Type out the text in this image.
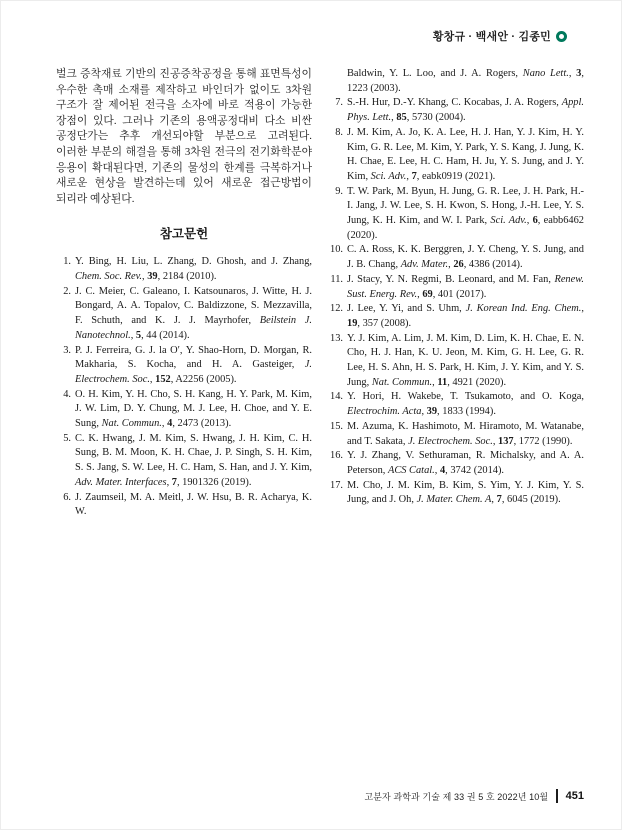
황창규 · 백새안 · 김종민

벌크 증착재료 기반의 진공증착공정을 통해 표면특성이 우수한 촉매 소재를 제작하고 바인더가 없이도 3차원 구조가 잘 제어된 전극을 소자에 바로 적용이 가능한 장점이 있다. 그러나 기존의 용액공정대비 다소 비싼 공정단가는 추후 개선되야할 부분으로 고려된다. 이러한 부분의 해결을 통해 3차원 전극의 전기화학분야 응용이 확대된다면, 기존의 물성의 한계를 극복하거나 새로운 현상을 발견하는데 있어 새로운 접근방법이 되리라 예상된다.

참고문헌
1. Y. Bing, H. Liu, L. Zhang, D. Ghosh, and J. Zhang, Chem. Soc. Rev., 39, 2184 (2010).
2. J. C. Meier, C. Galeano, I. Katsounaros, J. Witte, H. J. Bongard, A. A. Topalov, C. Baldizzone, S. Mezzavilla, F. Schuth, and K. J. J. Mayrhofer, Beilstein J. Nanotechnol., 5, 44 (2014).
3. P. J. Ferreira, G. J. la O′, Y. Shao-Horn, D. Morgan, R. Makharia, S. Kocha, and H. A. Gasteiger, J. Electrochem. Soc., 152, A2256 (2005).
4. O. H. Kim, Y. H. Cho, S. H. Kang, H. Y. Park, M. Kim, J. W. Lim, D. Y. Chung, M. J. Lee, H. Choe, and Y. E. Sung, Nat. Commun., 4, 2473 (2013).
5. C. K. Hwang, J. M. Kim, S. Hwang, J. H. Kim, C. H. Sung, B. M. Moon, K. H. Chae, J. P. Singh, S. H. Kim, S. S. Jang, S. W. Lee, H. C. Ham, S. Han, and J. Y. Kim, Adv. Mater. Interfaces, 7, 1901326 (2019).
6. J. Zaumseil, M. A. Meitl, J. W. Hsu, B. R. Acharya, K. W.
Baldwin, Y. L. Loo, and J. A. Rogers, Nano Lett., 3, 1223 (2003).
7. S.-H. Hur, D.-Y. Khang, C. Kocabas, J. A. Rogers, Appl. Phys. Lett., 85, 5730 (2004).
8. J. M. Kim, A. Jo, K. A. Lee, H. J. Han, Y. J. Kim, H. Y. Kim, G. R. Lee, M. Kim, Y. Park, Y. S. Kang, J. Jung, K. H. Chae, E. Lee, H. C. Ham, H. Ju, Y. S. Jung, and J. Y. Kim, Sci. Adv., 7, eabk0919 (2021).
9. T. W. Park, M. Byun, H. Jung, G. R. Lee, J. H. Park, H.-I. Jang, J. W. Lee, S. H. Kwon, S. Hong, J.-H. Lee, Y. S. Jung, K. H. Kim, and W. I. Park, Sci. Adv., 6, eabb6462 (2020).
10. C. A. Ross, K. K. Berggren, J. Y. Cheng, Y. S. Jung, and J. B. Chang, Adv. Mater., 26, 4386 (2014).
11. J. Stacy, Y. N. Regmi, B. Leonard, and M. Fan, Renew. Sust. Energ. Rev., 69, 401 (2017).
12. J. Lee, Y. Yi, and S. Uhm, J. Korean Ind. Eng. Chem., 19, 357 (2008).
13. Y. J. Kim, A. Lim, J. M. Kim, D. Lim, K. H. Chae, E. N. Cho, H. J. Han, K. U. Jeon, M. Kim, G. H. Lee, G. R. Lee, H. S. Ahn, H. S. Park, H. Kim, J. Y. Kim, and Y. S. Jung, Nat. Commun., 11, 4921 (2020).
14. Y. Hori, H. Wakebe, T. Tsukamoto, and O. Koga, Electrochim. Acta, 39, 1833 (1994).
15. M. Azuma, K. Hashimoto, M. Hiramoto, M. Watanabe, and T. Sakata, J. Electrochem. Soc., 137, 1772 (1990).
16. Y. J. Zhang, V. Sethuraman, R. Michalsky, and A. A. Peterson, ACS Catal., 4, 3742 (2014).
17. M. Cho, J. M. Kim, B. Kim, S. Yim, Y. J. Kim, Y. S. Jung, and J. Oh, J. Mater. Chem. A, 7, 6045 (2019).
고분자 과학과 기술 제 33 권 5 호 2022년 10월 451
